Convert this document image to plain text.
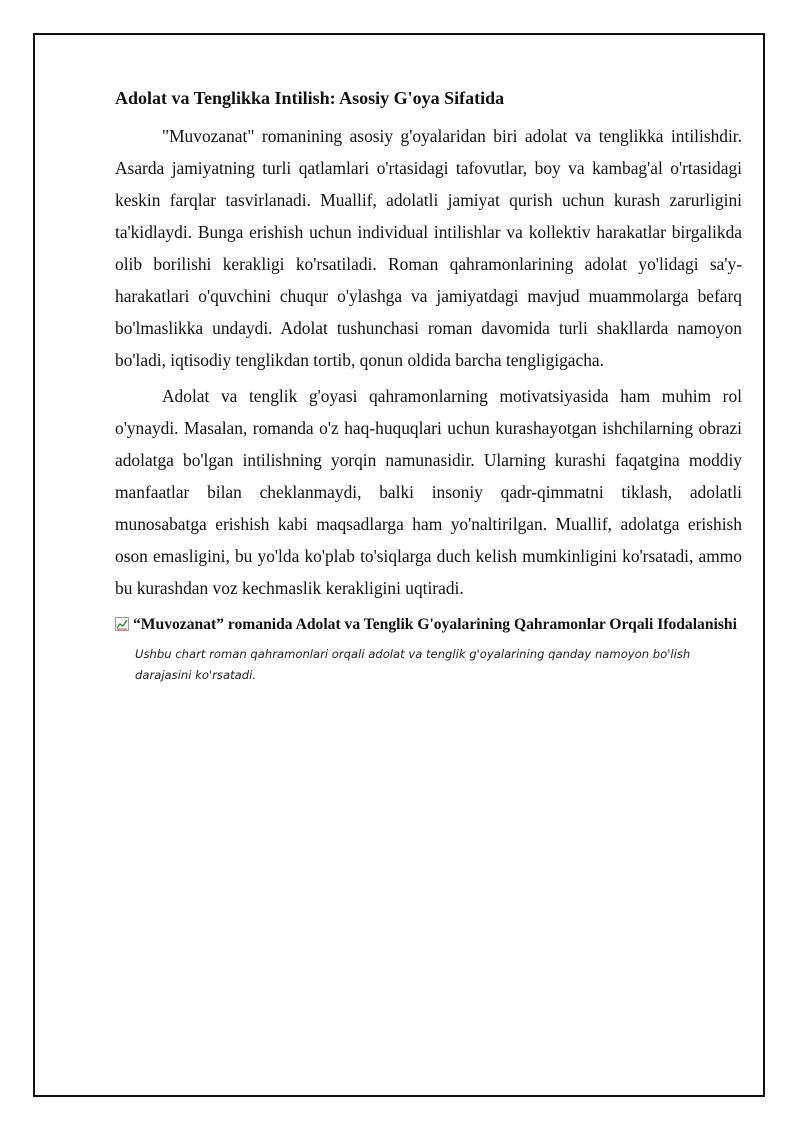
Adolat va Tenglikka Intilish: Asosiy G'oya Sifatida

"Muvozanat" romanining asosiy g'oyalaridan biri adolat va tenglikka intilishdir. Asarda jamiyatning turli qatlamlari o'rtasidagi tafovutlar, boy va kambag'al o'rtasidagi keskin farqlar tasvirlanadi. Muallif, adolatli jamiyat qurish uchun kurash zarurligini ta'kidlaydi. Bunga erishish uchun individual intilishlar va kollektiv harakatlar birgalikda olib borilishi kerakligi ko'rsatiladi. Roman qahramonlarining adolat yo'lidagi sa'y-harakatlari o'quvchini chuqur o'ylashga va jamiyatdagi mavjud muammolarga befarq bo'lmaslikka undaydi. Adolat tushunchasi roman davomida turli shakllarda namoyon bo'ladi, iqtisodiy tenglikdan tortib, qonun oldida barcha tengligigacha.

Adolat va tenglik g'oyasi qahramonlarning motivatsiyasida ham muhim rol o'ynaydi. Masalan, romanda o'z haq-huquqlari uchun kurashayotgan ishchilarning obrazi adolatga bo'lgan intilishning yorqin namunasidir. Ularning kurashi faqatgina moddiy manfaatlar bilan cheklanmaydi, balki insoniy qadr-qimmatni tiklash, adolatli munosabatga erishish kabi maqsadlarga ham yo'naltirilgan. Muallif, adolatga erishish oson emasligini, bu yo'lda ko'plab to'siqlarga duch kelish mumkinligini ko'rsatadi, ammo bu kurashdan voz kechmaslik kerakligini uqtiradi.

“Muvozanat” romanida Adolat va Tenglik G'oyalarining Qahramonlar Orqali Ifodalanishi
Ushbu chart roman qahramonlari orqali adolat va tenglik g'oyalarining qanday namoyon bo'lish darajasini ko'rsatadi.
